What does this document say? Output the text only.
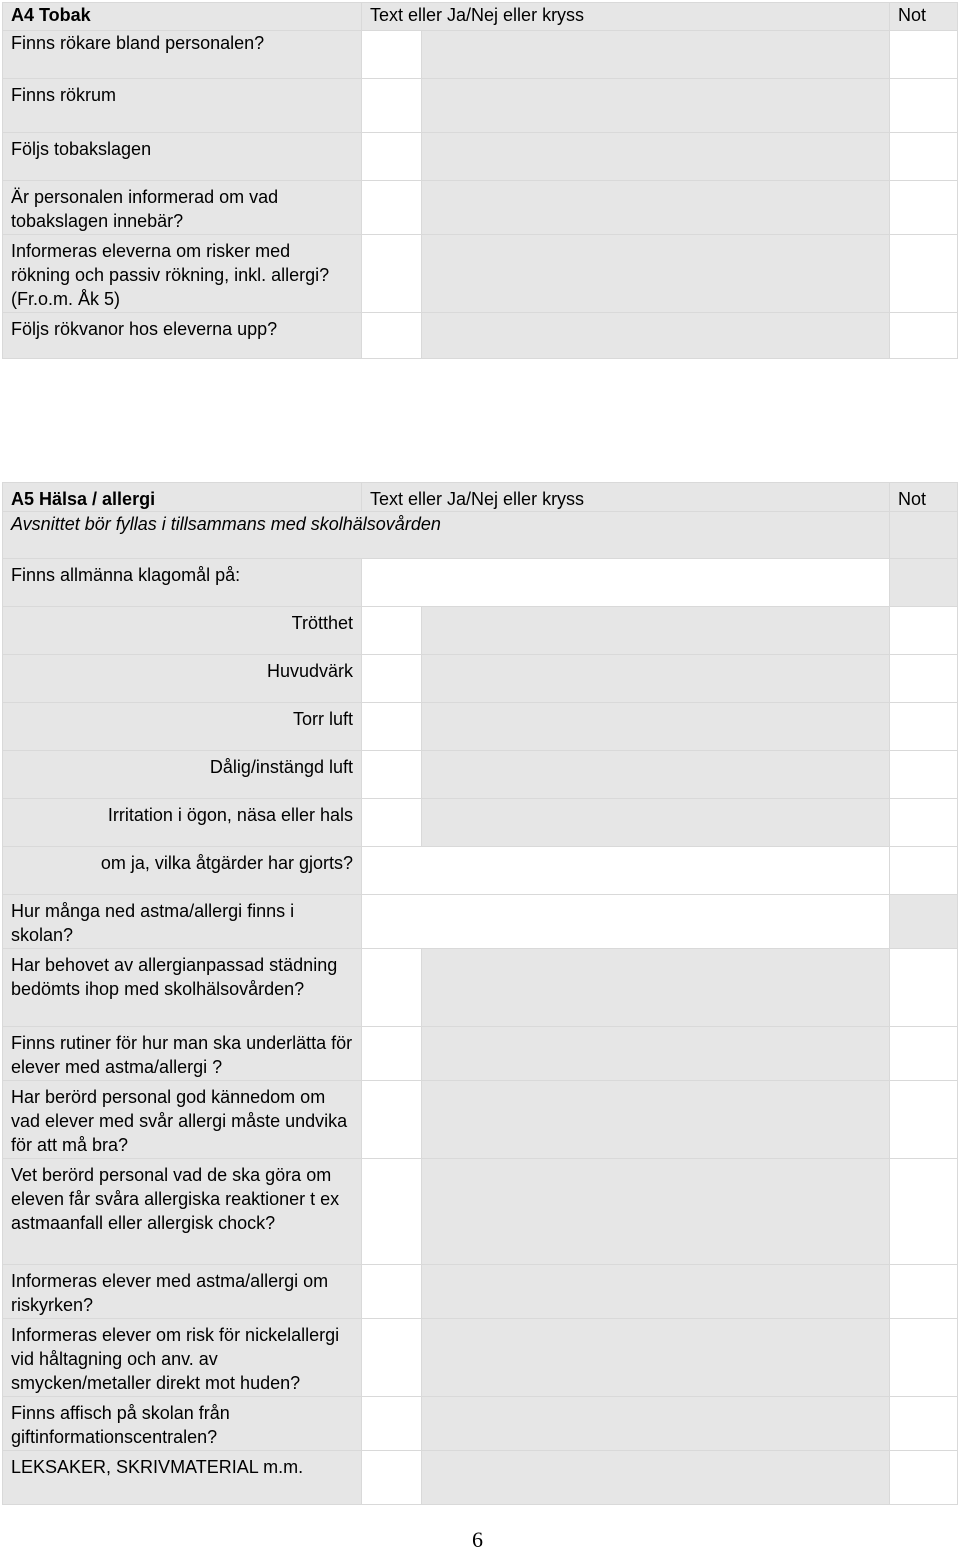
A4 Tobak	Text eller Ja/Nej eller kryss		Not
Finns rökare bland personalen?			
Finns rökrum			
Följs tobakslagen			
Är personalen informerad om vad tobakslagen innebär?			
Informeras eleverna om risker med rökning och passiv rökning, inkl. allergi? (Fr.o.m. Åk 5)			
Följs rökvanor hos eleverna upp?			
A5 Hälsa / allergi	Text eller Ja/Nej eller kryss		Not
Avsnittet bör fyllas i tillsammans med skolhälsovården			
Finns allmänna klagomål på:			
Trötthet			
Huvudvärk			
Torr luft			
Dålig/instängd luft			
Irritation i ögon, näsa eller hals			
om ja, vilka åtgärder har gjorts?			
Hur många ned astma/allergi finns i skolan?			
Har behovet av allergianpassad städning bedömts ihop med skolhälsovården?			
Finns rutiner för hur man ska underlätta för elever med astma/allergi ?			
Har berörd personal god kännedom om vad elever med svår allergi måste undvika för att må bra?			
Vet berörd personal vad de ska göra om eleven får svåra allergiska reaktioner t ex astmaanfall eller allergisk chock?			
Informeras elever med astma/allergi om riskyrken?			
Informeras elever om risk för nickelallergi vid håltagning och anv. av smycken/metaller direkt mot huden?			
Finns affisch på skolan från giftinformationscentralen?			
LEKSAKER, SKRIVMATERIAL m.m.			
6
